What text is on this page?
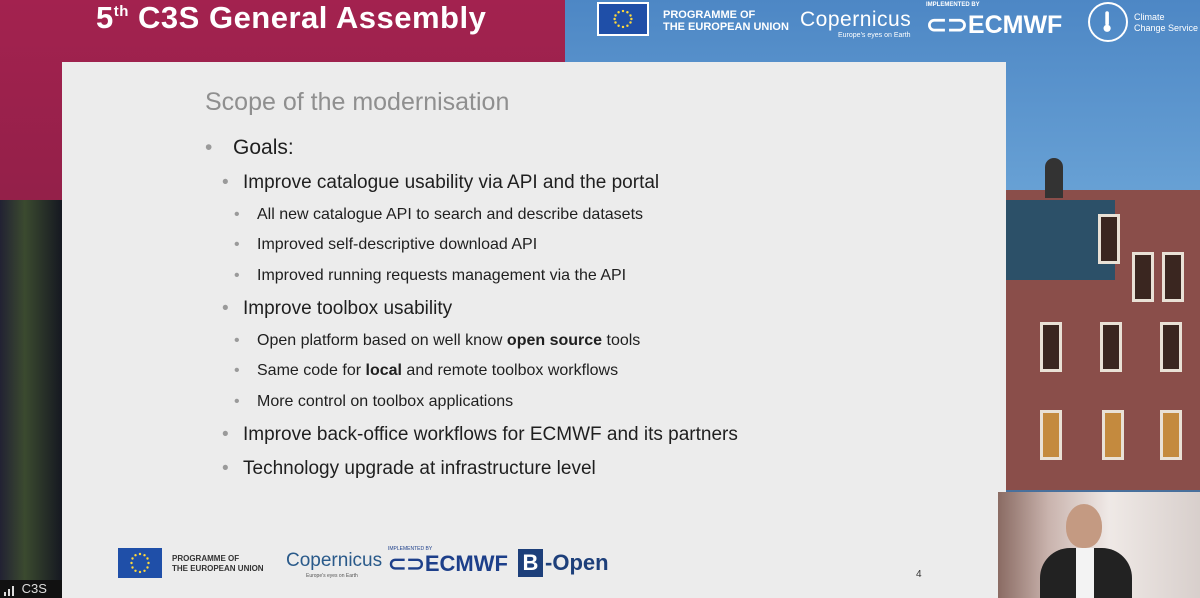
5th C3S General Assembly	PROGRAMME OF
THE EUROPEAN UNION Copernicus
Europe's eyes on Earth
IMPLEMENTED BY
⊂⊃ECMWF	Climate
Change Service
C3S
Scope of the modernisation
• Goals:
• Improve catalogue usability via API and the portal
• All new catalogue API to search and describe datasets
• Improved self-descriptive download API
• Improved running requests management via the API
• Improve toolbox usability
• Open platform based on well know open source tools
• Same code for local and remote toolbox workflows
• More control on toolbox applications
• Improve back-office workflows for ECMWF and its partners
• Technology upgrade at infrastructure level
PROGRAMME OF
THE EUROPEAN UNION Copernicus
Europe's eyes on Earth
IMPLEMENTED BY
⊂⊃ECMWF B -Open	4
